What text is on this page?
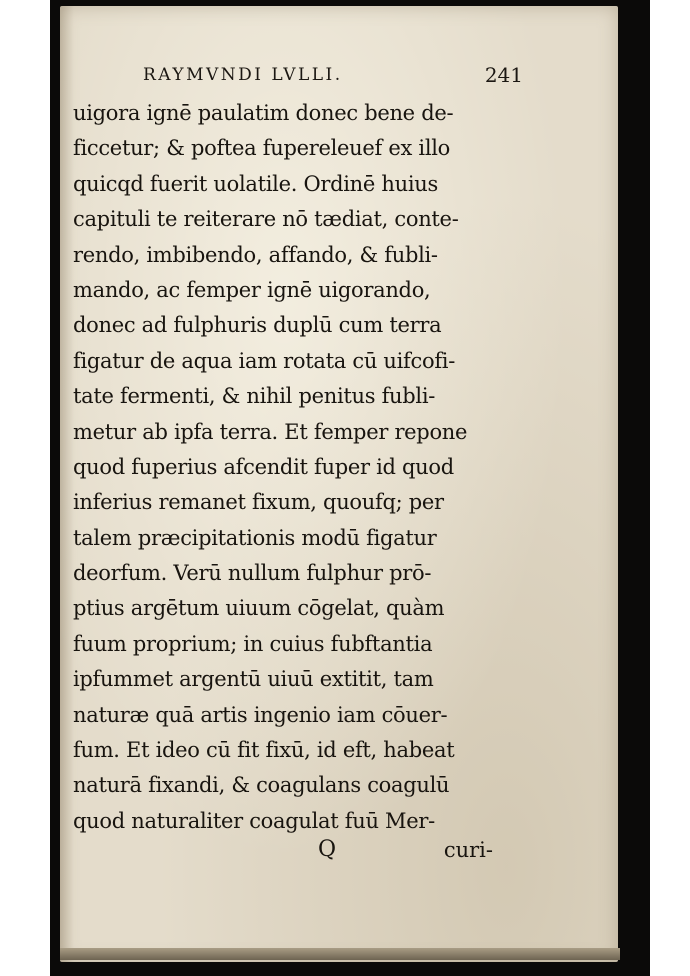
RAYMVNDI LVLLI.	241
uigora ignē paulatim donec bene de-
ficcetur; & poftea fupereleuef ex illo
quicqd fuerit uolatile. Ordinē huius
capituli te reiterare nō tædiat, conte-
rendo, imbibendo, affando, & fubli-
mando, ac femper ignē uigorando,
donec ad fulphuris duplū cum terra
figatur de aqua iam rotata cū uifcofi-
tate fermenti, & nihil penitus fubli-
metur ab ipfa terra. Et femper repone
quod fuperius afcendit fuper id quod
inferius remanet fixum, quoufq; per
talem præcipitationis modū figatur
deorfum. Verū nullum fulphur prō-
ptius argētum uiuum cōgelat, quàm
fuum proprium; in cuius fubftantia
ipfummet argentū uiuū extitit, tam
naturæ quā artis ingenio iam cōuer-
fum. Et ideo cū fit fixū, id eft, habeat
naturā fixandi, & coagulans coagulū
quod naturaliter coagulat fuū Mer-
Q	curi-
